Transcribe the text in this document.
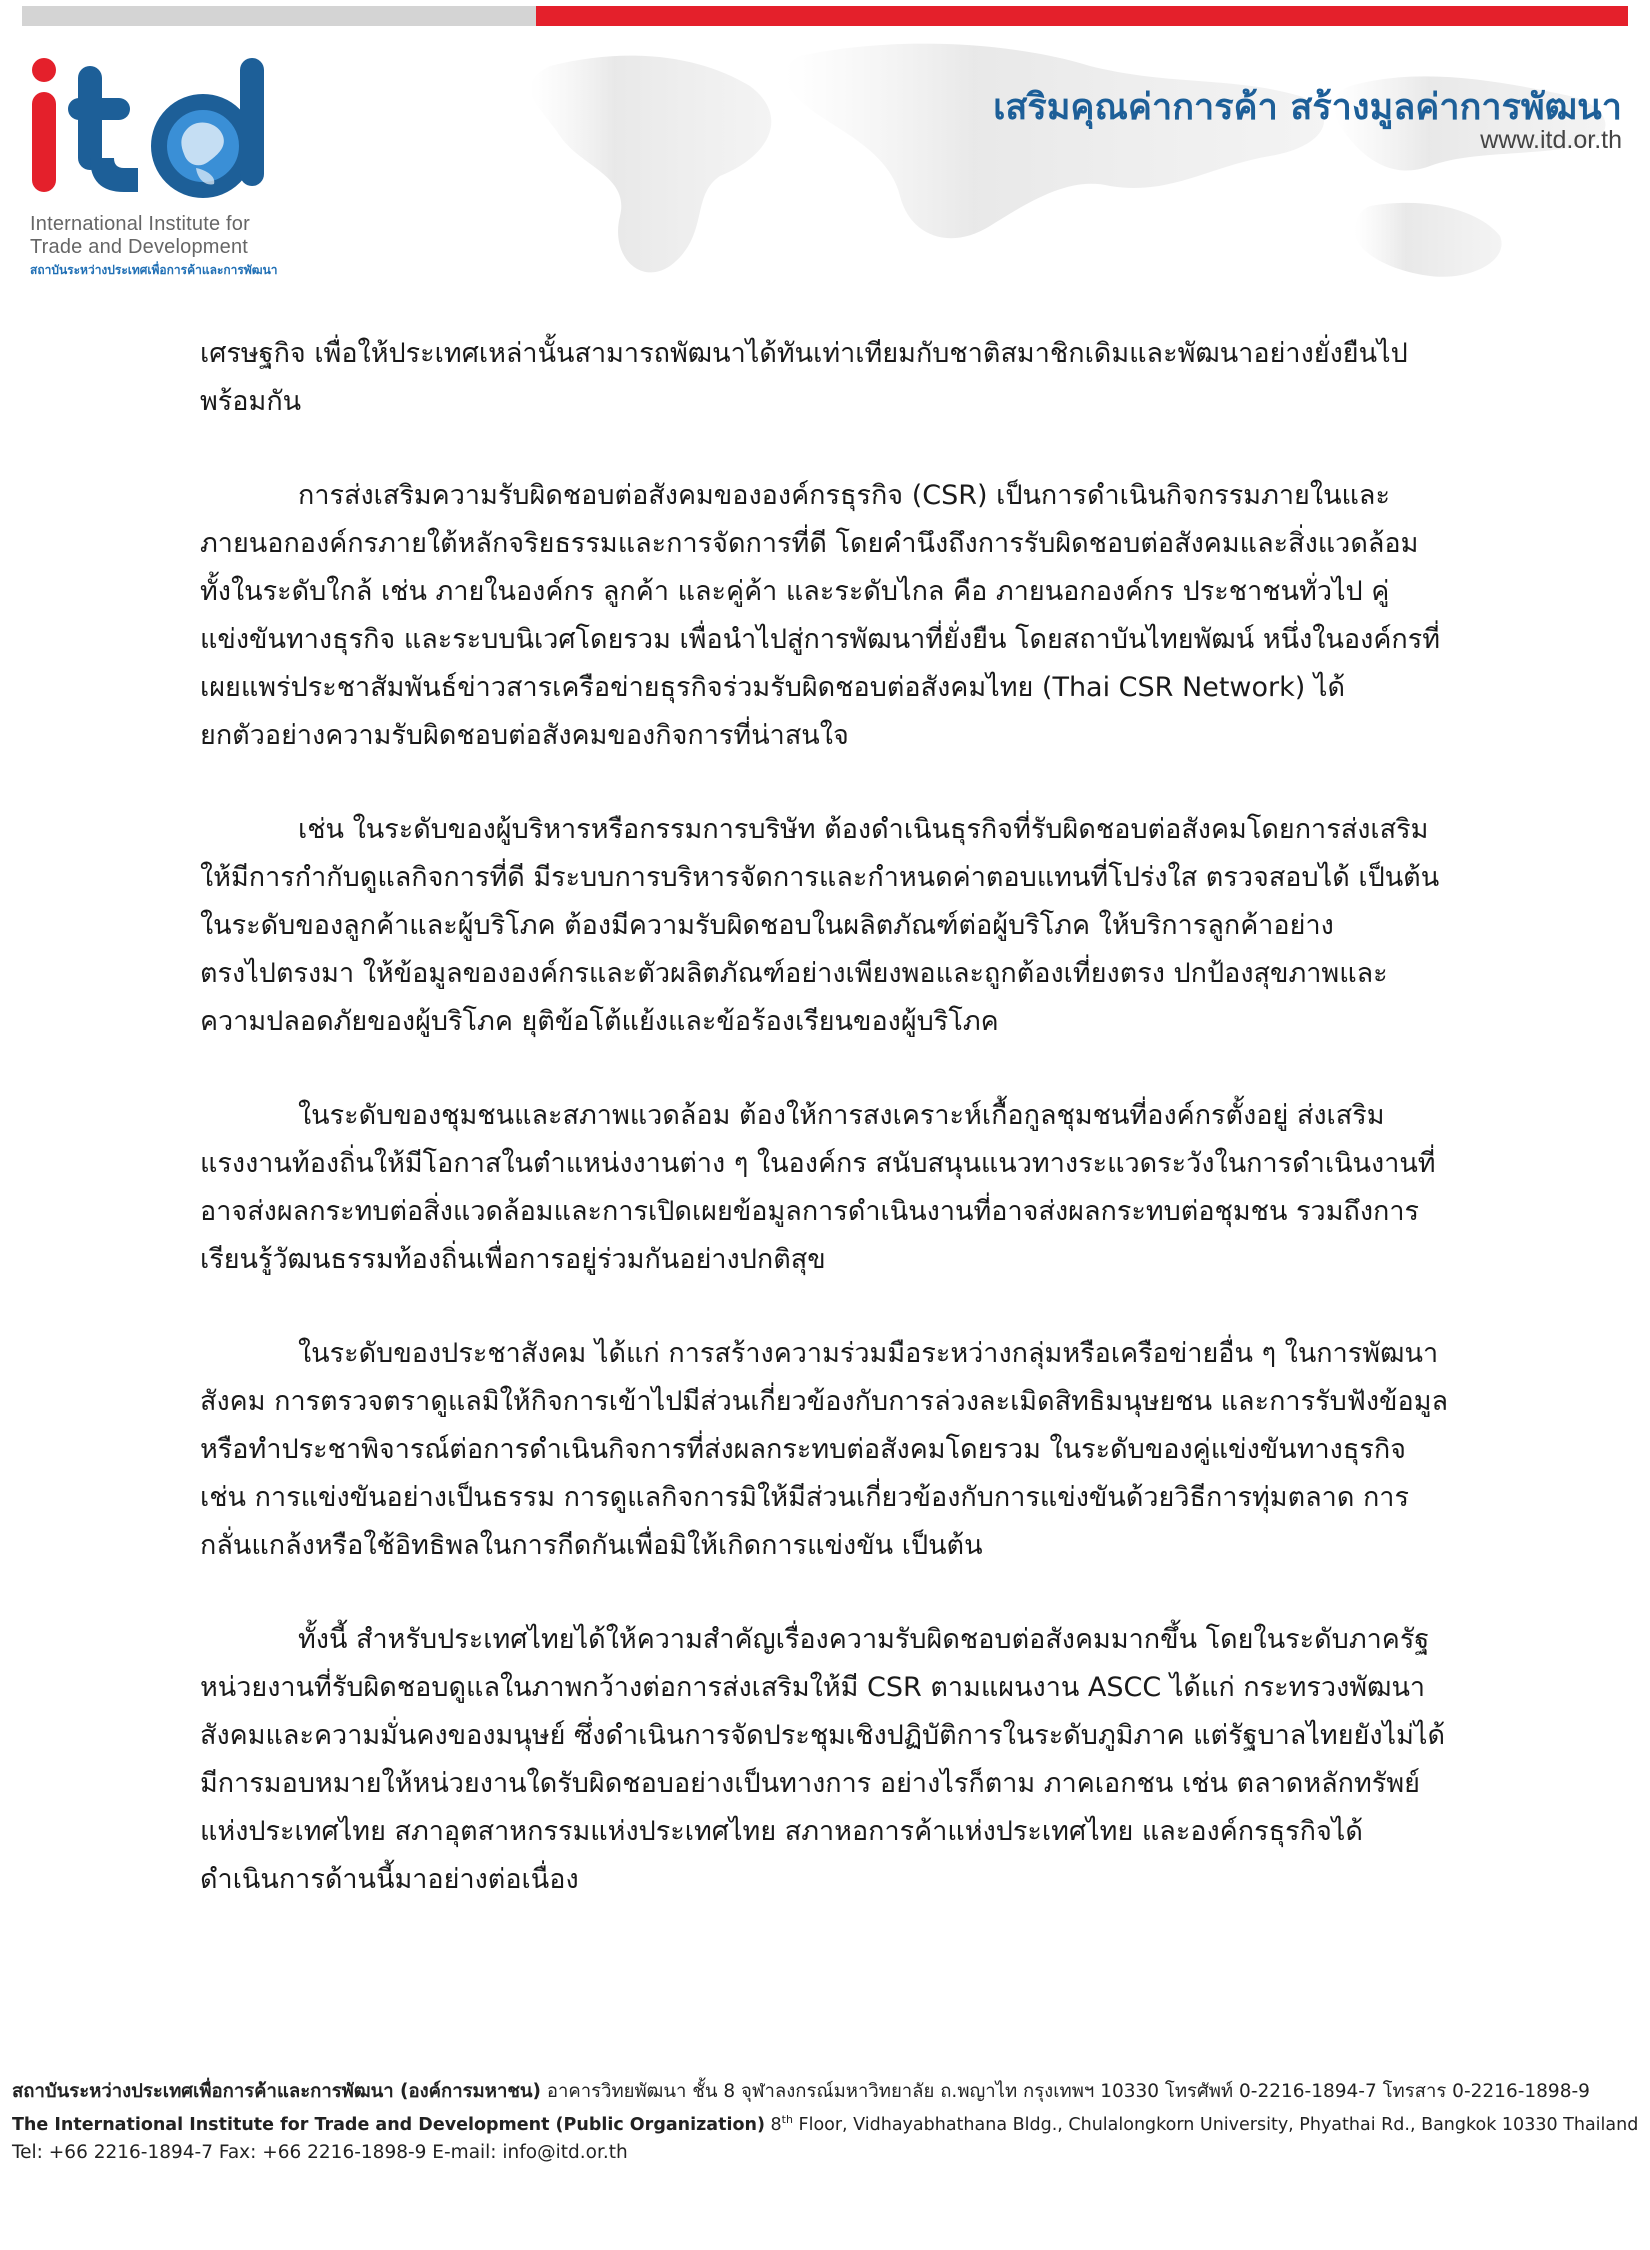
International Institute for
Trade and Development
สถาบันระหว่างประเทศเพื่อการค้าและการพัฒนา
เสริมคุณค่าการค้า สร้างมูลค่าการพัฒนา
www.itd.or.th

เศรษฐกิจ เพื่อให้ประเทศเหล่านั้นสามารถพัฒนาได้ทันเท่าเทียมกับชาติสมาชิกเดิมและพัฒนาอย่างยั่งยืนไป

พร้อมกัน

การส่งเสริมความรับผิดชอบต่อสังคมขององค์กรธุรกิจ (CSR) เป็นการดำเนินกิจกรรมภายในและ

ภายนอกองค์กรภายใต้หลักจริยธรรมและการจัดการที่ดี โดยคำนึงถึงการรับผิดชอบต่อสังคมและสิ่งแวดล้อม

ทั้งในระดับใกล้ เช่น ภายในองค์กร ลูกค้า และคู่ค้า และระดับไกล คือ ภายนอกองค์กร ประชาชนทั่วไป คู่

แข่งขันทางธุรกิจ และระบบนิเวศโดยรวม เพื่อนำไปสู่การพัฒนาที่ยั่งยืน โดยสถาบันไทยพัฒน์ หนึ่งในองค์กรที่

เผยแพร่ประชาสัมพันธ์ข่าวสารเครือข่ายธุรกิจร่วมรับผิดชอบต่อสังคมไทย (Thai CSR Network) ได้

ยกตัวอย่างความรับผิดชอบต่อสังคมของกิจการที่น่าสนใจ

เช่น ในระดับของผู้บริหารหรือกรรมการบริษัท ต้องดำเนินธุรกิจที่รับผิดชอบต่อสังคมโดยการส่งเสริม

ให้มีการกำกับดูแลกิจการที่ดี มีระบบการบริหารจัดการและกำหนดค่าตอบแทนที่โปร่งใส ตรวจสอบได้ เป็นต้น

ในระดับของลูกค้าและผู้บริโภค ต้องมีความรับผิดชอบในผลิตภัณฑ์ต่อผู้บริโภค ให้บริการลูกค้าอย่าง

ตรงไปตรงมา ให้ข้อมูลขององค์กรและตัวผลิตภัณฑ์อย่างเพียงพอและถูกต้องเที่ยงตรง ปกป้องสุขภาพและ

ความปลอดภัยของผู้บริโภค ยุติข้อโต้แย้งและข้อร้องเรียนของผู้บริโภค

ในระดับของชุมชนและสภาพแวดล้อม ต้องให้การสงเคราะห์เกื้อกูลชุมชนที่องค์กรตั้งอยู่ ส่งเสริม

แรงงานท้องถิ่นให้มีโอกาสในตำแหน่งงานต่าง ๆ ในองค์กร สนับสนุนแนวทางระแวดระวังในการดำเนินงานที่

อาจส่งผลกระทบต่อสิ่งแวดล้อมและการเปิดเผยข้อมูลการดำเนินงานที่อาจส่งผลกระทบต่อชุมชน รวมถึงการ

เรียนรู้วัฒนธรรมท้องถิ่นเพื่อการอยู่ร่วมกันอย่างปกติสุข

ในระดับของประชาสังคม ได้แก่ การสร้างความร่วมมือระหว่างกลุ่มหรือเครือข่ายอื่น ๆ ในการพัฒนา

สังคม การตรวจตราดูแลมิให้กิจการเข้าไปมีส่วนเกี่ยวข้องกับการล่วงละเมิดสิทธิมนุษยชน และการรับฟังข้อมูล

หรือทำประชาพิจารณ์ต่อการดำเนินกิจการที่ส่งผลกระทบต่อสังคมโดยรวม ในระดับของคู่แข่งขันทางธุรกิจ

เช่น การแข่งขันอย่างเป็นธรรม การดูแลกิจการมิให้มีส่วนเกี่ยวข้องกับการแข่งขันด้วยวิธีการทุ่มตลาด การ

กลั่นแกล้งหรือใช้อิทธิพลในการกีดกันเพื่อมิให้เกิดการแข่งขัน เป็นต้น

ทั้งนี้ สำหรับประเทศไทยได้ให้ความสำคัญเรื่องความรับผิดชอบต่อสังคมมากขึ้น โดยในระดับภาครัฐ

หน่วยงานที่รับผิดชอบดูแลในภาพกว้างต่อการส่งเสริมให้มี CSR ตามแผนงาน ASCC ได้แก่ กระทรวงพัฒนา

สังคมและความมั่นคงของมนุษย์ ซึ่งดำเนินการจัดประชุมเชิงปฏิบัติการในระดับภูมิภาค แต่รัฐบาลไทยยังไม่ได้

มีการมอบหมายให้หน่วยงานใดรับผิดชอบอย่างเป็นทางการ อย่างไรก็ตาม ภาคเอกชน เช่น ตลาดหลักทรัพย์

แห่งประเทศไทย สภาอุตสาหกรรมแห่งประเทศไทย สภาหอการค้าแห่งประเทศไทย และองค์กรธุรกิจได้

ดำเนินการด้านนี้มาอย่างต่อเนื่อง

สถาบันระหว่างประเทศเพื่อการค้าและการพัฒนา (องค์การมหาชน) อาคารวิทยพัฒนา ชั้น 8 จุฬาลงกรณ์มหาวิทยาลัย ถ.พญาไท กรุงเทพฯ 10330 โทรศัพท์ 0-2216-1894-7 โทรสาร 0-2216-1898-9
The International Institute for Trade and Development (Public Organization) 8th Floor, Vidhayabhathana Bldg., Chulalongkorn University, Phyathai Rd., Bangkok 10330 Thailand
Tel: +66 2216-1894-7 Fax: +66 2216-1898-9 E-mail: info@itd.or.th
